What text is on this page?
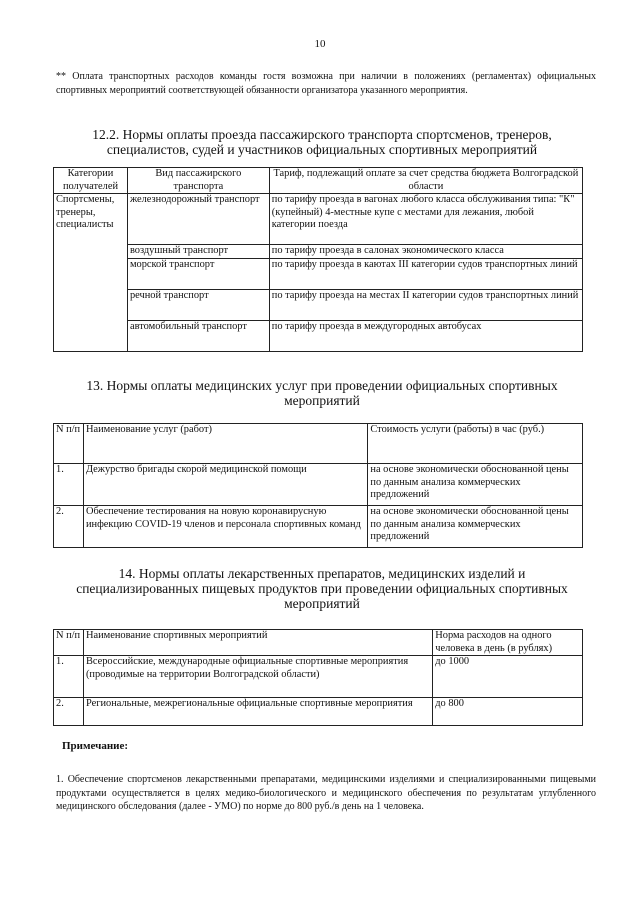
10
** Оплата транспортных расходов команды гостя возможна при наличии в положениях (регламентах) официальных спортивных мероприятий соответствующей обязанности организатора указанного мероприятия.
12.2. Нормы оплаты проезда пассажирского транспорта спортсменов, тренеров, специалистов, судей и участников официальных спортивных мероприятий
Категории получателей	Вид пассажирского транспорта	Тариф, подлежащий оплате за счет средства бюджета Волгоградской области
Спортсмены, тренеры, специалисты	железнодорожный транспорт	по тарифу проезда в вагонах любого класса обслуживания типа: "К" (купейный) 4-местные купе с местами для лежания, любой категории поезда
	воздушный транспорт	по тарифу проезда в салонах экономического класса
	морской транспорт	по тарифу проезда в каютах III категории судов транспортных линий
	речной транспорт	по тарифу проезда на местах II категории судов транспортных линий
	автомобильный транспорт	по тарифу проезда в междугородных автобусах
13. Нормы оплаты медицинских услуг при проведении официальных спортивных мероприятий
N п/п	Наименование услуг (работ)	Стоимость услуги (работы) в час (руб.)
1.	Дежурство бригады скорой медицинской помощи	на основе экономически обоснованной цены по данным анализа коммерческих предложений
2.	Обеспечение тестирования на новую коронавирусную инфекцию COVID-19 членов и персонала спортивных команд	на основе экономически обоснованной цены по данным анализа коммерческих предложений
14. Нормы оплаты лекарственных препаратов, медицинских изделий и специализированных пищевых продуктов при проведении официальных спортивных мероприятий
N п/п	Наименование спортивных мероприятий	Норма расходов на одного человека в день (в рублях)
1.	Всероссийские, международные официальные спортивные мероприятия (проводимые на территории Волгоградской области)	до 1000
2.	Региональные, межрегиональные официальные спортивные мероприятия	до 800
Примечание:
1. Обеспечение спортсменов лекарственными препаратами, медицинскими изделиями и специализированными пищевыми продуктами осуществляется в целях медико-биологического и медицинского обеспечения по результатам углубленного медицинского обследования (далее - УМО) по норме до 800 руб./в день на 1 человека.
